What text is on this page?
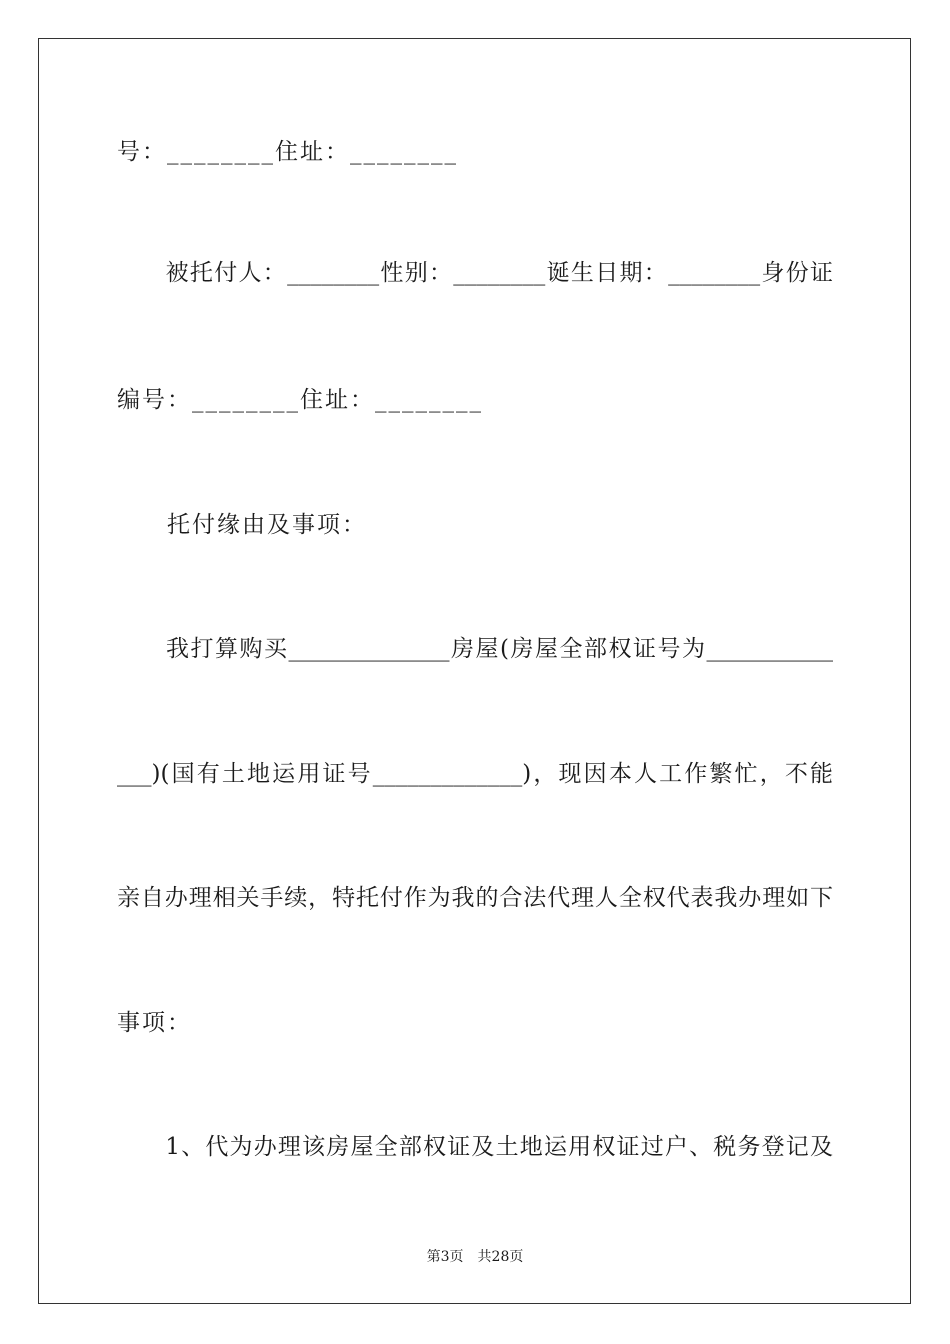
号：________住址：________
　　被托付人：________性别：________诞生日期：________身份证
编号：________住址：________
　　托付缘由及事项：
　　我打算购买______________房屋(房屋全部权证号为___________
___)(国有土地运用证号_____________)，现因本人工作繁忙，不能
亲自办理相关手续，特托付作为我的合法代理人全权代表我办理如下
事项：
　　1、代为办理该房屋全部权证及土地运用权证过户、税务登记及
第3页　共28页
